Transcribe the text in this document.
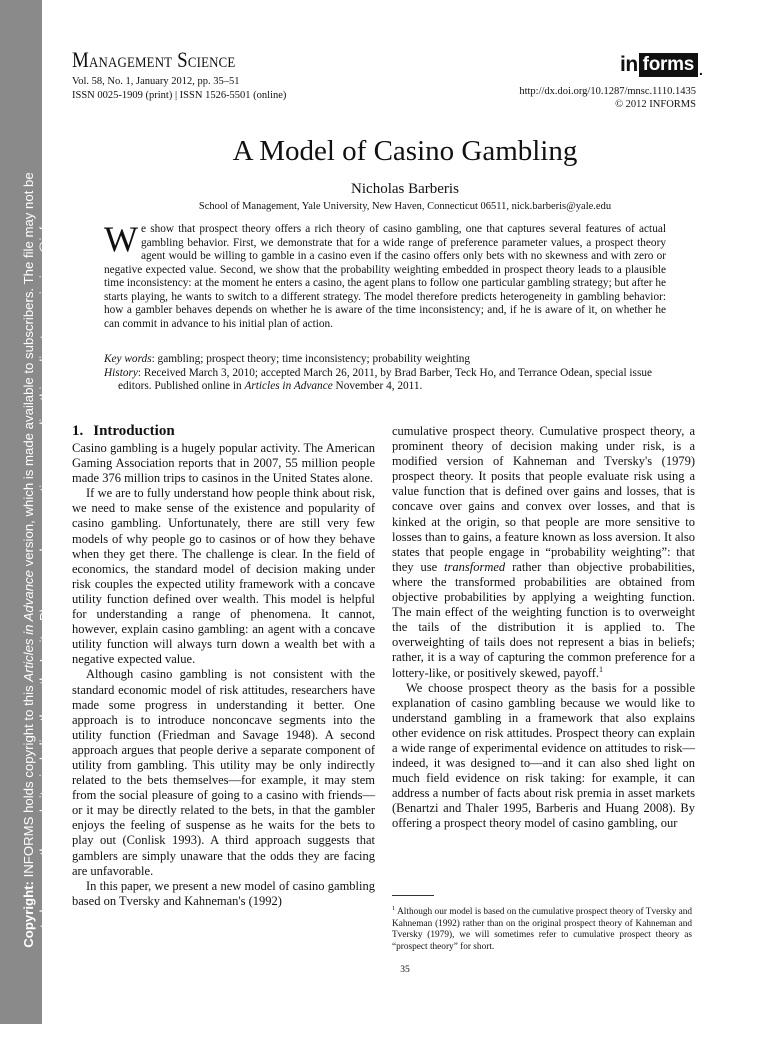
Copyright: INFORMS holds copyright to this Articles in Advance version, which is made available to subscribers. The file may not be posted on any other website, including the author's site. Please send any questions regarding this policy to permissions@informs.org.
Management Science
Vol. 58, No. 1, January 2012, pp. 35–51
ISSN 0025-1909 (print) | ISSN 1526-5501 (online)
in forms .
http://dx.doi.org/10.1287/mnsc.1110.1435
© 2012 INFORMS
A Model of Casino Gambling
Nicholas Barberis
School of Management, Yale University, New Haven, Connecticut 06511, nick.barberis@yale.edu
We show that prospect theory offers a rich theory of casino gambling, one that captures several features of actual gambling behavior. First, we demonstrate that for a wide range of preference parameter values, a prospect theory agent would be willing to gamble in a casino even if the casino offers only bets with no skewness and with zero or negative expected value. Second, we show that the probability weighting embedded in prospect theory leads to a plausible time inconsistency: at the moment he enters a casino, the agent plans to follow one particular gambling strategy; but after he starts playing, he wants to switch to a different strategy. The model therefore predicts heterogeneity in gambling behavior: how a gambler behaves depends on whether he is aware of the time inconsistency; and, if he is aware of it, on whether he can commit in advance to his initial plan of action.
Key words: gambling; prospect theory; time inconsistency; probability weighting
History: Received March 3, 2010; accepted March 26, 2011, by Brad Barber, Teck Ho, and Terrance Odean, special issue editors. Published online in Articles in Advance November 4, 2011.
1. Introduction

Casino gambling is a hugely popular activity. The American Gaming Association reports that in 2007, 55 million people made 376 million trips to casinos in the United States alone.

If we are to fully understand how people think about risk, we need to make sense of the existence and popularity of casino gambling. Unfortunately, there are still very few models of why people go to casinos or of how they behave when they get there. The challenge is clear. In the field of economics, the standard model of decision making under risk couples the expected utility framework with a concave utility function defined over wealth. This model is helpful for understanding a range of phenomena. It cannot, however, explain casino gambling: an agent with a concave utility function will always turn down a wealth bet with a negative expected value.

Although casino gambling is not consistent with the standard economic model of risk attitudes, researchers have made some progress in understanding it better. One approach is to introduce nonconcave segments into the utility function (Friedman and Savage 1948). A second approach argues that people derive a separate component of utility from gambling. This utility may be only indirectly related to the bets themselves—for example, it may stem from the social pleasure of going to a casino with friends—or it may be directly related to the bets, in that the gambler enjoys the feeling of suspense as he waits for the bets to play out (Conlisk 1993). A third approach suggests that gamblers are simply unaware that the odds they are facing are unfavorable.

In this paper, we present a new model of casino gambling based on Tversky and Kahneman's (1992)

cumulative prospect theory. Cumulative prospect theory, a prominent theory of decision making under risk, is a modified version of Kahneman and Tversky's (1979) prospect theory. It posits that people evaluate risk using a value function that is defined over gains and losses, that is concave over gains and convex over losses, and that is kinked at the origin, so that people are more sensitive to losses than to gains, a feature known as loss aversion. It also states that people engage in “probability weighting”: that they use transformed rather than objective probabilities, where the transformed probabilities are obtained from objective probabilities by applying a weighting function. The main effect of the weighting function is to overweight the tails of the distribution it is applied to. The overweighting of tails does not represent a bias in beliefs; rather, it is a way of capturing the common preference for a lottery-like, or positively skewed, payoff.$^1$

We choose prospect theory as the basis for a possible explanation of casino gambling because we would like to understand gambling in a framework that also explains other evidence on risk attitudes. Prospect theory can explain a wide range of experimental evidence on attitudes to risk—indeed, it was designed to—and it can also shed light on much field evidence on risk taking: for example, it can address a number of facts about risk premia in asset markets (Benartzi and Thaler 1995, Barberis and Huang 2008). By offering a prospect theory model of casino gambling, our

$^1$ Although our model is based on the cumulative prospect theory of Tversky and Kahneman (1992) rather than on the original prospect theory of Kahneman and Tversky (1979), we will sometimes refer to cumulative prospect theory as “prospect theory” for short.
35
